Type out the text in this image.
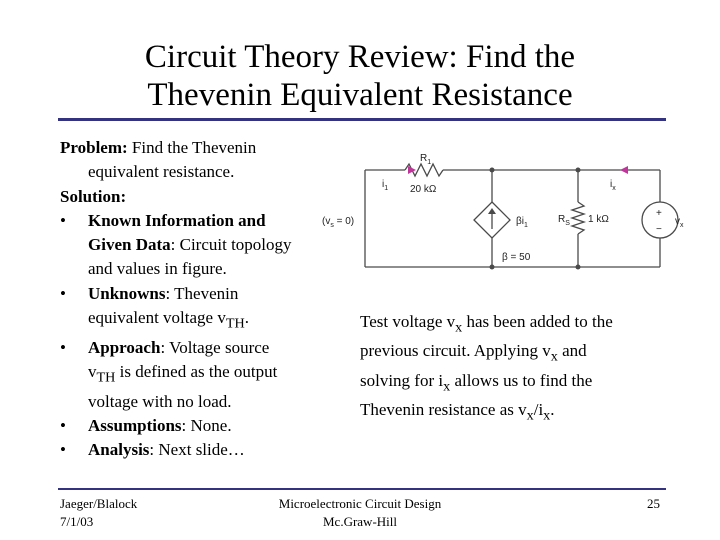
Circuit Theory Review: Find the
Thevenin Equivalent Resistance
Problem: Find the Thevenin
equivalent resistance.
Solution:
• Known Information and
Given Data: Circuit topology
and values in figure.
• Unknowns: Thevenin
equivalent voltage $v_{TH}$.
• Approach: Voltage source
$v_{TH}$ is defined as the output
voltage with no load.
• Assumptions: None.
• Analysis: Next slide…
$R_1$
20 kΩ
$i_1$	$i_x$
$(v_s = 0)$	$\beta i_1$
$R_S$ 1 kΩ
β = 50
$v_x$
+
−
Test voltage $v_x$ has been added to the
previous circuit. Applying $v_x$ and
solving for $i_x$ allows us to find the
Thevenin resistance as $v_x/i_x$.
Jaeger/Blalock
7/1/03
Microelectronic Circuit Design
Mc.Graw-Hill
25
